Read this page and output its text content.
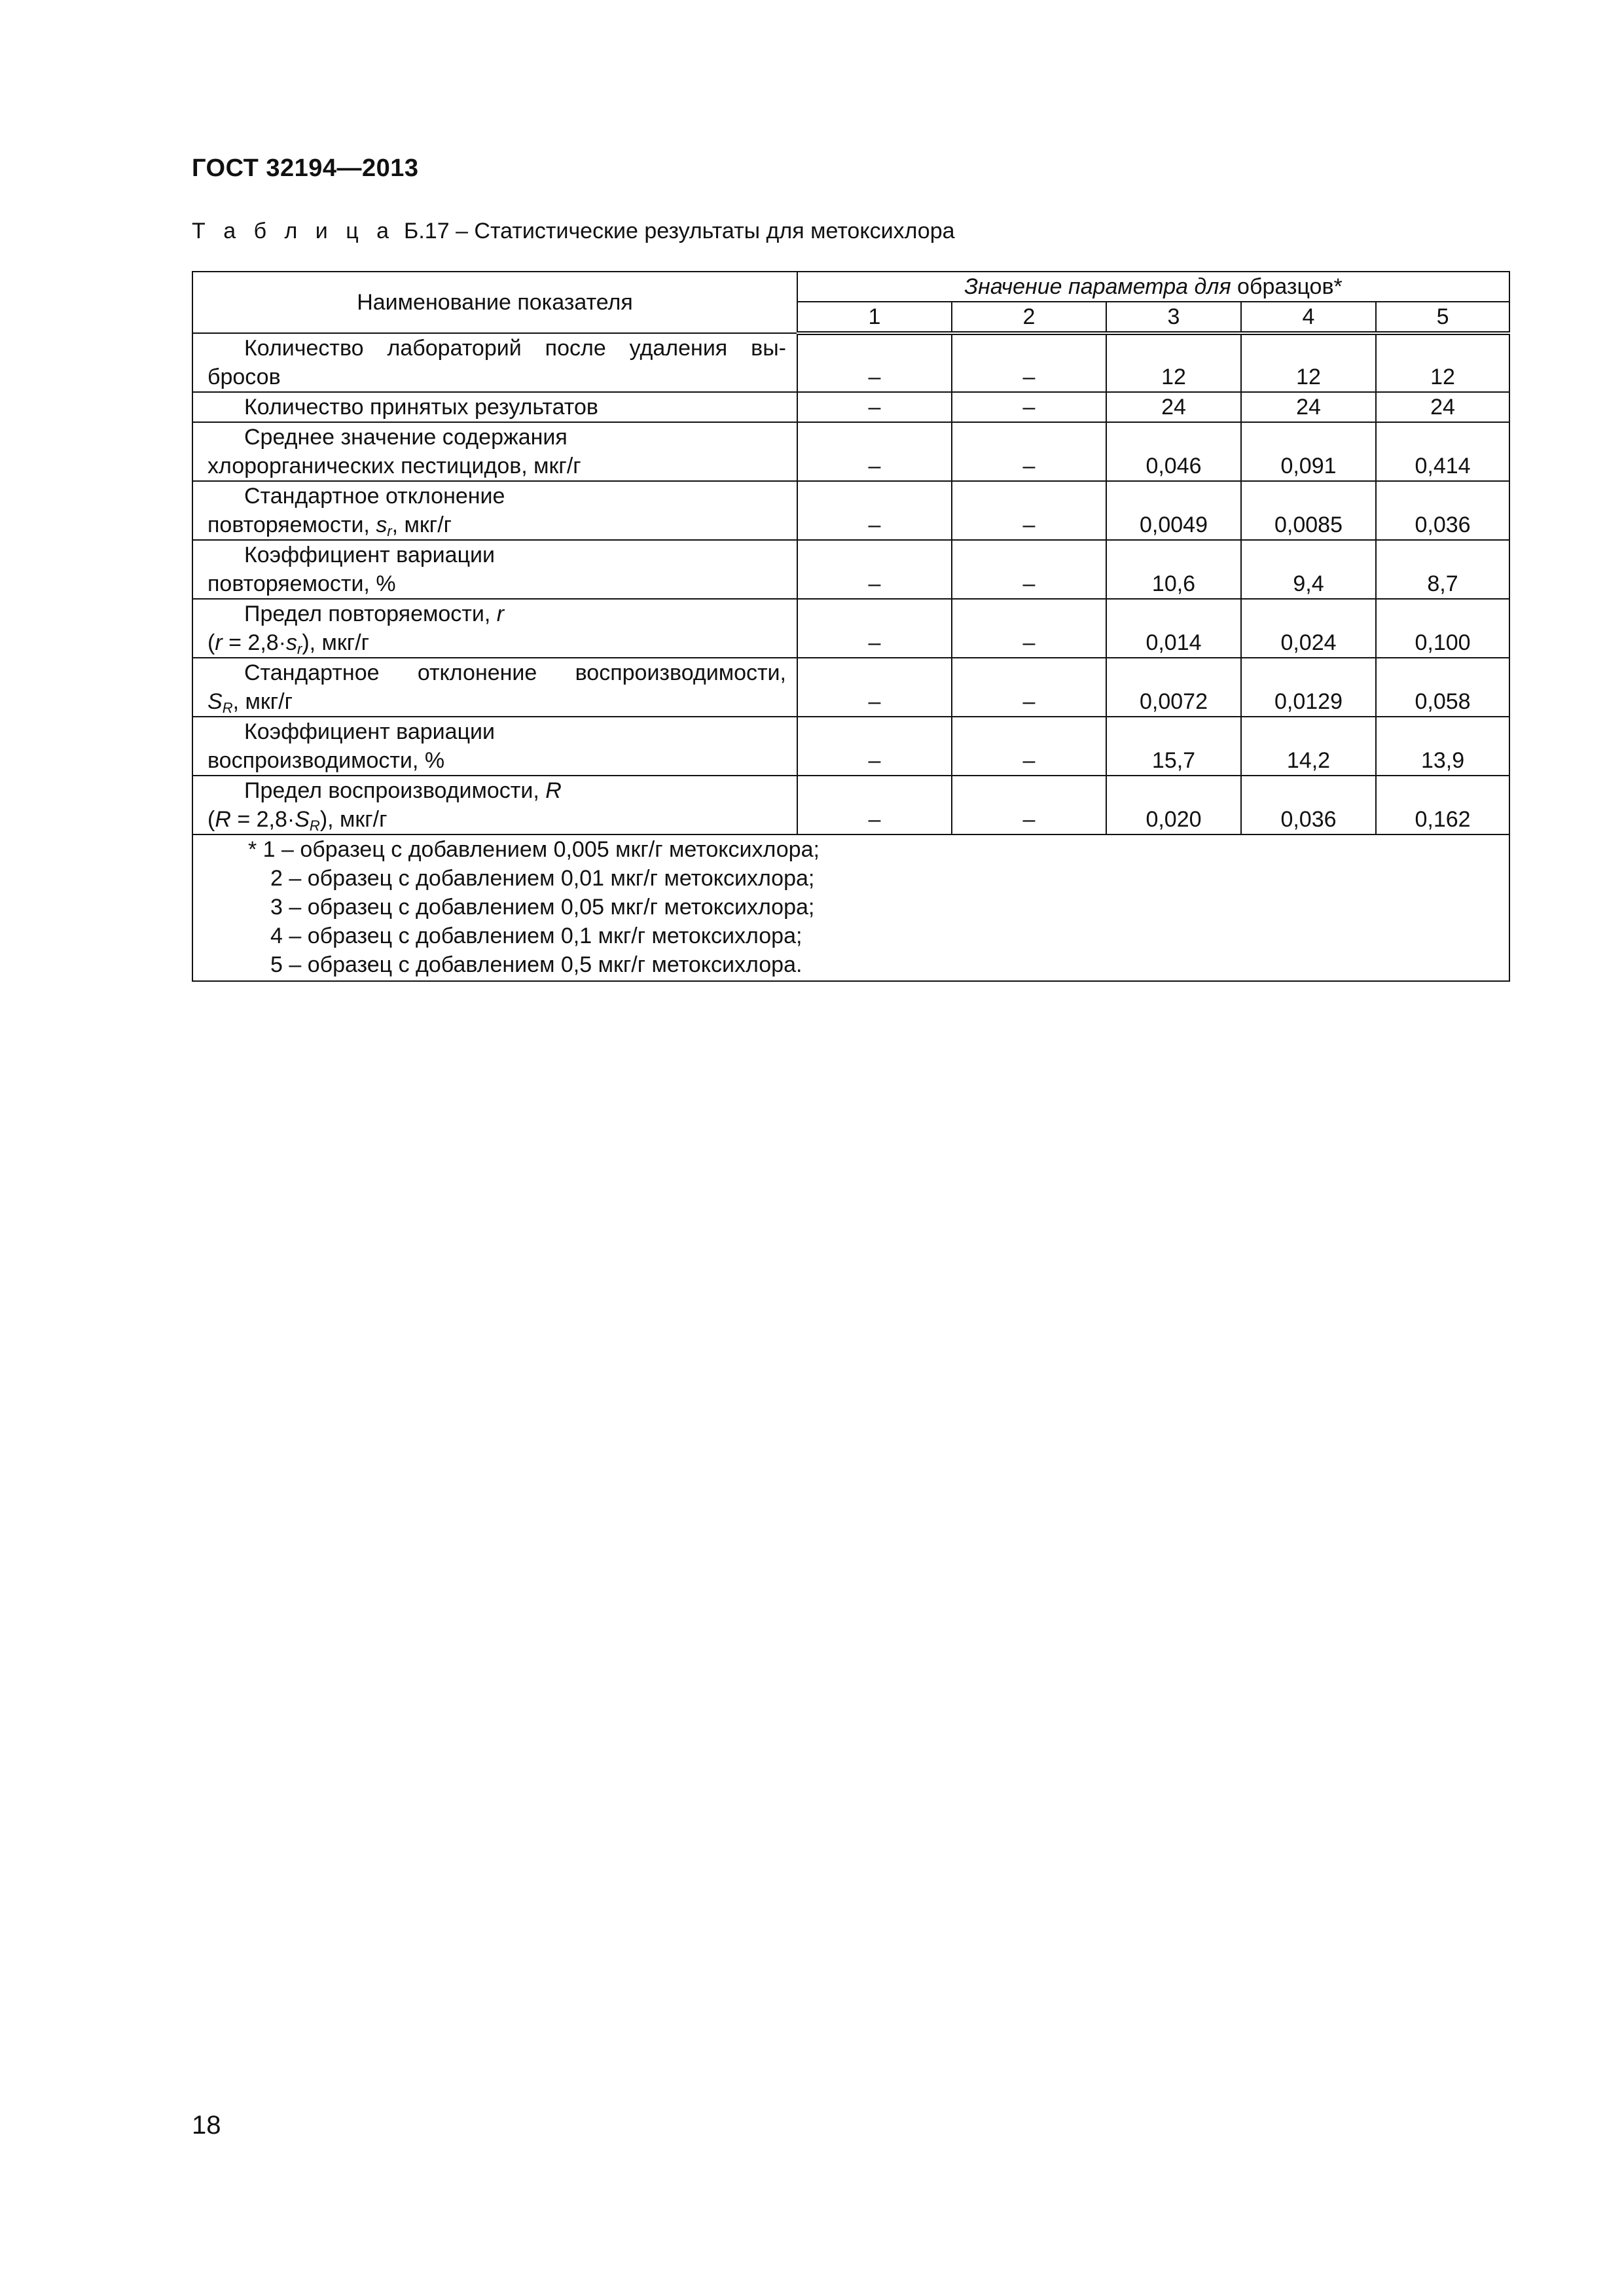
ГОСТ 32194—2013
Т а б л и ц а Б.17 – Статистические результаты для метоксихлора
Наименование показателя	Значение параметра для образцов*				
	1	2	3	4	5

Количество лабораторий после удаления вы-
бросов	–	–	12	12	12

Количество принятых результатов	–	–	24	24	24

Среднее значение содержания
хлорорганических пестицидов, мкг/г	–	–	0,046	0,091	0,414

Стандартное отклонение
повторяемости, $s_r$, мкг/г	–	–	0,0049	0,0085	0,036

Коэффициент вариации
повторяемости, %	–	–	10,6	9,4	8,7

Предел повторяемости, r
$(r = 2,8\cdot s_r)$, мкг/г	–	–	0,014	0,024	0,100

Стандартное отклонение воспроизводимости,
$S_R$, мкг/г	–	–	0,0072	0,0129	0,058

Коэффициент вариации
воспроизводимости, %	–	–	15,7	14,2	13,9

Предел воспроизводимости, R
$(R = 2,8\cdot S_R)$, мкг/г	–	–	0,020	0,036	0,162

* 1 – образец с добавлением 0,005 мкг/г метоксихлора;
2 – образец с добавлением 0,01 мкг/г метоксихлора;
3 – образец с добавлением 0,05 мкг/г метоксихлора;
4 – образец с добавлением 0,1 мкг/г метоксихлора;
5 – образец с добавлением 0,5 мкг/г метоксихлора.					
18
